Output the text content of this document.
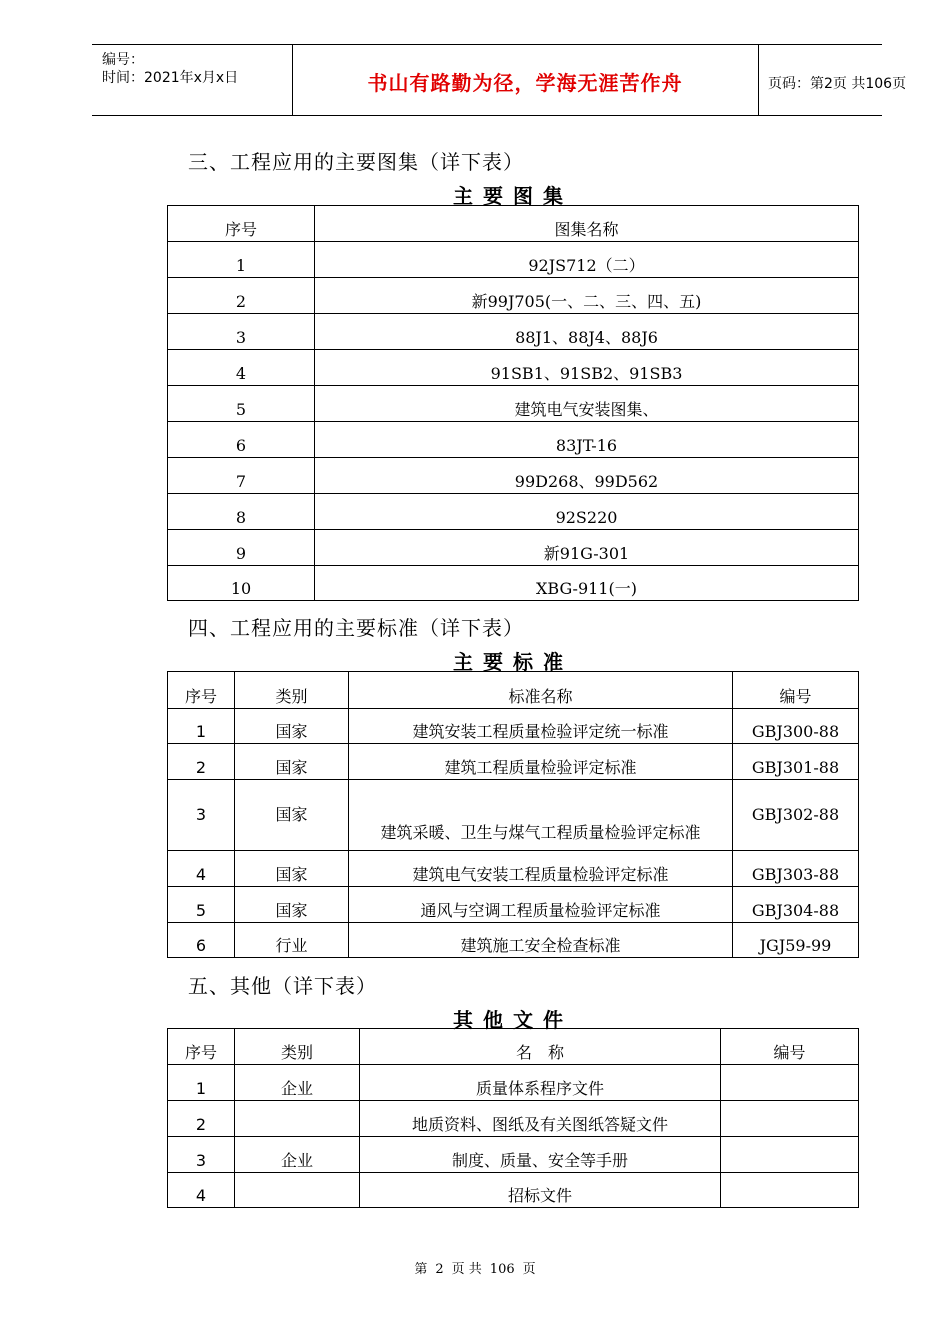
编号：
时间：2021年x月x日	书山有路勤为径，学海无涯苦作舟	页码：第2页 共106页
三、工程应用的主要图集（详下表）
主要图集
序号	图集名称
1	92JS712（二）
2	新99J705(一、二、三、四、五)
3	88J1、88J4、88J6
4	91SB1、91SB2、91SB3
5	建筑电气安装图集、
6	83JT-16
7	99D268、99D562
8	92S220
9	新91G-301
10	XBG-911(一)
四、工程应用的主要标准（详下表）
主要标准
序号	类别	标准名称	编号
1	国家	建筑安装工程质量检验评定统一标准	GBJ300-88
2	国家	建筑工程质量检验评定标准	GBJ301-88
3	国家	建筑采暖、卫生与煤气工程质量检验评定标准	GBJ302-88
4	国家	建筑电气安装工程质量检验评定标准	GBJ303-88
5	国家	通风与空调工程质量检验评定标准	GBJ304-88
6	行业	建筑施工安全检查标准	JGJ59-99
五、其他（详下表）
其他文件
序号	类别	名　称	编号
1	企业	质量体系程序文件	
2		地质资料、图纸及有关图纸答疑文件	
3	企业	制度、质量、安全等手册	
4		招标文件	
第 2 页 共 106 页
